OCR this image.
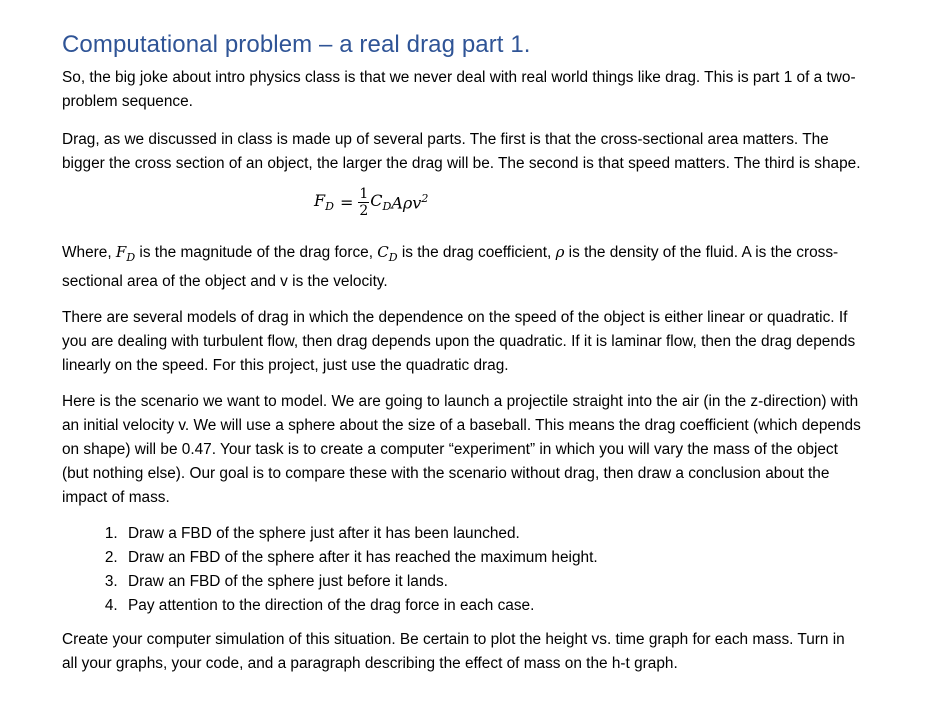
Computational problem – a real drag part 1.

So, the big joke about intro physics class is that we never deal with real world things like drag. This is part 1 of a two-problem sequence.

Drag, as we discussed in class is made up of several parts. The first is that the cross-sectional area matters. The bigger the cross section of an object, the larger the drag will be. The second is that speed matters. The third is shape.

$F_D = \frac{1}{2} C_D$ Aρv$^2$

Where, $F_D$ is the magnitude of the drag force, $C_D$ is the drag coefficient, ρ is the density of the fluid. A is the cross-sectional area of the object and v is the velocity.

There are several models of drag in which the dependence on the speed of the object is either linear or quadratic. If you are dealing with turbulent flow, then drag depends upon the quadratic. If it is laminar flow, then the drag depends linearly on the speed. For this project, just use the quadratic drag.

Here is the scenario we want to model. We are going to launch a projectile straight into the air (in the z-direction) with an initial velocity v. We will use a sphere about the size of a baseball. This means the drag coefficient (which depends on shape) will be 0.47. Your task is to create a computer “experiment” in which you will vary the mass of the object (but nothing else). Our goal is to compare these with the scenario without drag, then draw a conclusion about the impact of mass.

1. Draw a FBD of the sphere just after it has been launched.
2. Draw an FBD of the sphere after it has reached the maximum height.
3. Draw an FBD of the sphere just before it lands.
4. Pay attention to the direction of the drag force in each case.

Create your computer simulation of this situation. Be certain to plot the height vs. time graph for each mass. Turn in all your graphs, your code, and a paragraph describing the effect of mass on the h-t graph.
